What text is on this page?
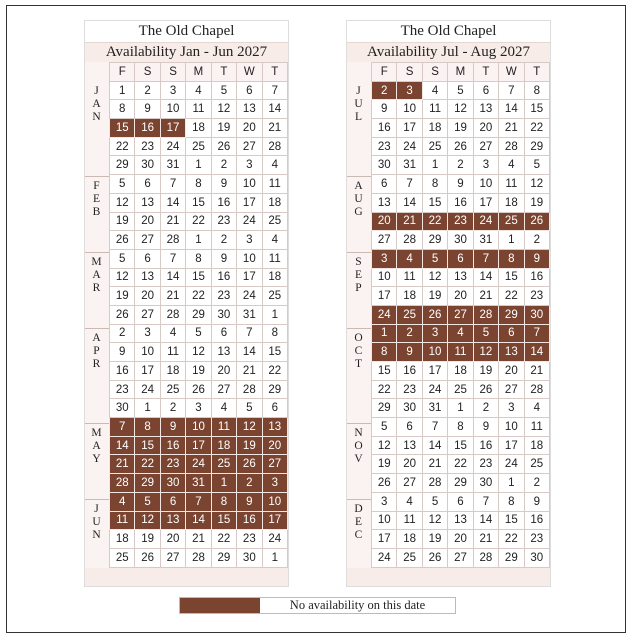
The Old Chapel
Availability Jan - Jun 2027
J
A
N
F
E
B
M
A
R
A
P
R
M
A
Y
J
U
N
F	S	S	M	T	W	T
1	2	3	4	5	6	7
8	9	10	11	12	13	14
15	16	17	18	19	20	21
22	23	24	25	26	27	28
29	30	31	1	2	3	4
5	6	7	8	9	10	11
12	13	14	15	16	17	18
19	20	21	22	23	24	25
26	27	28	1	2	3	4
5	6	7	8	9	10	11
12	13	14	15	16	17	18
19	20	21	22	23	24	25
26	27	28	29	30	31	1
2	3	4	5	6	7	8
9	10	11	12	13	14	15
16	17	18	19	20	21	22
23	24	25	26	27	28	29
30	1	2	3	4	5	6
7	8	9	10	11	12	13
14	15	16	17	18	19	20
21	22	23	24	25	26	27
28	29	30	31	1	2	3
4	5	6	7	8	9	10
11	12	13	14	15	16	17
18	19	20	21	22	23	24
25	26	27	28	29	30	1
The Old Chapel
Availability Jul - Aug 2027
J
U
L
A
U
G
S
E
P
O
C
T
N
O
V
D
E
C
F	S	S	M	T	W	T
2	3	4	5	6	7	8
9	10	11	12	13	14	15
16	17	18	19	20	21	22
23	24	25	26	27	28	29
30	31	1	2	3	4	5
6	7	8	9	10	11	12
13	14	15	16	17	18	19
20	21	22	23	24	25	26
27	28	29	30	31	1	2
3	4	5	6	7	8	9
10	11	12	13	14	15	16
17	18	19	20	21	22	23
24	25	26	27	28	29	30
1	2	3	4	5	6	7
8	9	10	11	12	13	14
15	16	17	18	19	20	21
22	23	24	25	26	27	28
29	30	31	1	2	3	4
5	6	7	8	9	10	11
12	13	14	15	16	17	18
19	20	21	22	23	24	25
26	27	28	29	30	1	2
3	4	5	6	7	8	9
10	11	12	13	14	15	16
17	18	19	20	21	22	23
24	25	26	27	28	29	30
No availability on this date
